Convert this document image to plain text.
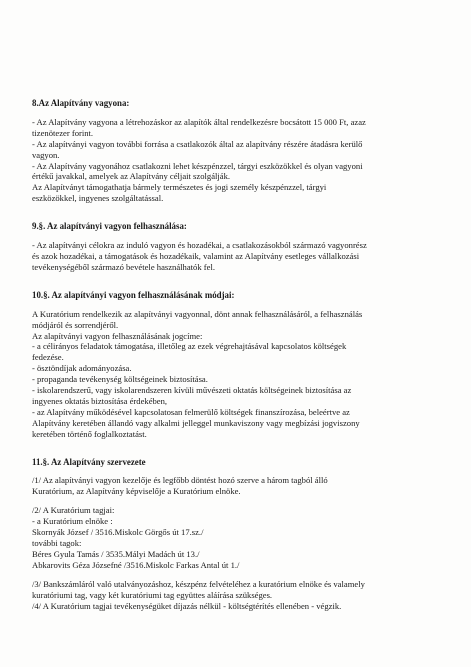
8.Az Alapítvány vagyona:

- Az Alapítvány vagyona a létrehozáskor az alapítók által rendelkezésre bocsátott 15 000 Ft, azaz

tizenötezer forint.

- Az alapítványi vagyon további forrása a csatlakozók által az alapítvány részére átadásra kerülő

vagyon.

- Az Alapítvány vagyonához csatlakozni lehet készpénzzel, tárgyi eszközökkel és olyan vagyoni

értékű javakkal, amelyek az Alapítvány céljait szolgálják.

Az Alapítványt támogathatja bármely természetes és jogi személy készpénzzel, tárgyi

eszközökkel, ingyenes szolgáltatással.

9.§. Az alapítványi vagyon felhasználása:

- Az alapítványi célokra az induló vagyon és hozadékai, a csatlakozásokból származó vagyonrész

és azok hozadékai, a támogatások és hozadékaik, valamint az Alapítvány esetleges vállalkozási

tevékenységéből származó bevétele használhatók fel.

10.§. Az alapítványi vagyon felhasználásának módjai:

A Kuratórium rendelkezik az alapítványi vagyonnal, dönt annak felhasználásáról, a felhasználás

módjáról és sorrendjéről.

Az alapítványi vagyon felhasználásának jogcíme:

- a célirányos feladatok támogatása, illetőleg az ezek végrehajtásával kapcsolatos költségek

fedezése.

- ösztöndíjak adományozása.

- propaganda tevékenység költségeinek biztosítása.

- iskolarendszerű, vagy iskolarendszeren kívüli művészeti oktatás költségeinek biztosítása az

ingyenes oktatás biztosítása érdekében,

- az Alapítvány működésével kapcsolatosan felmerülő költségek finanszírozása, beleértve az

Alapítvány keretében állandó vagy alkalmi jelleggel munkaviszony vagy megbízási jogviszony

keretében történő foglalkoztatást.

11.§. Az Alapítvány szervezete

/1/ Az alapítványi vagyon kezelője és legfőbb döntést hozó szerve a három tagból álló

Kuratórium, az Alapítvány képviselője a Kuratórium elnöke.

/2/ A Kuratórium tagjai:

- a Kuratórium elnöke :

Skornyák József / 3516.Miskolc Görgős út 17.sz./

további tagok:

Béres Gyula Tamás / 3535.Mályi Madách út 13./

Abkarovits Géza Józsefné /3516.Miskolc Farkas Antal út 1./

/3/ Bankszámláról való utalványozáshoz, készpénz felvételéhez a kuratórium elnöke és valamely

kuratóriumi tag, vagy két kuratóriumi tag együttes aláírása szükséges.

/4/ A Kuratórium tagjai tevékenységüket díjazás nélkül - költségtérítés ellenében - végzik.
